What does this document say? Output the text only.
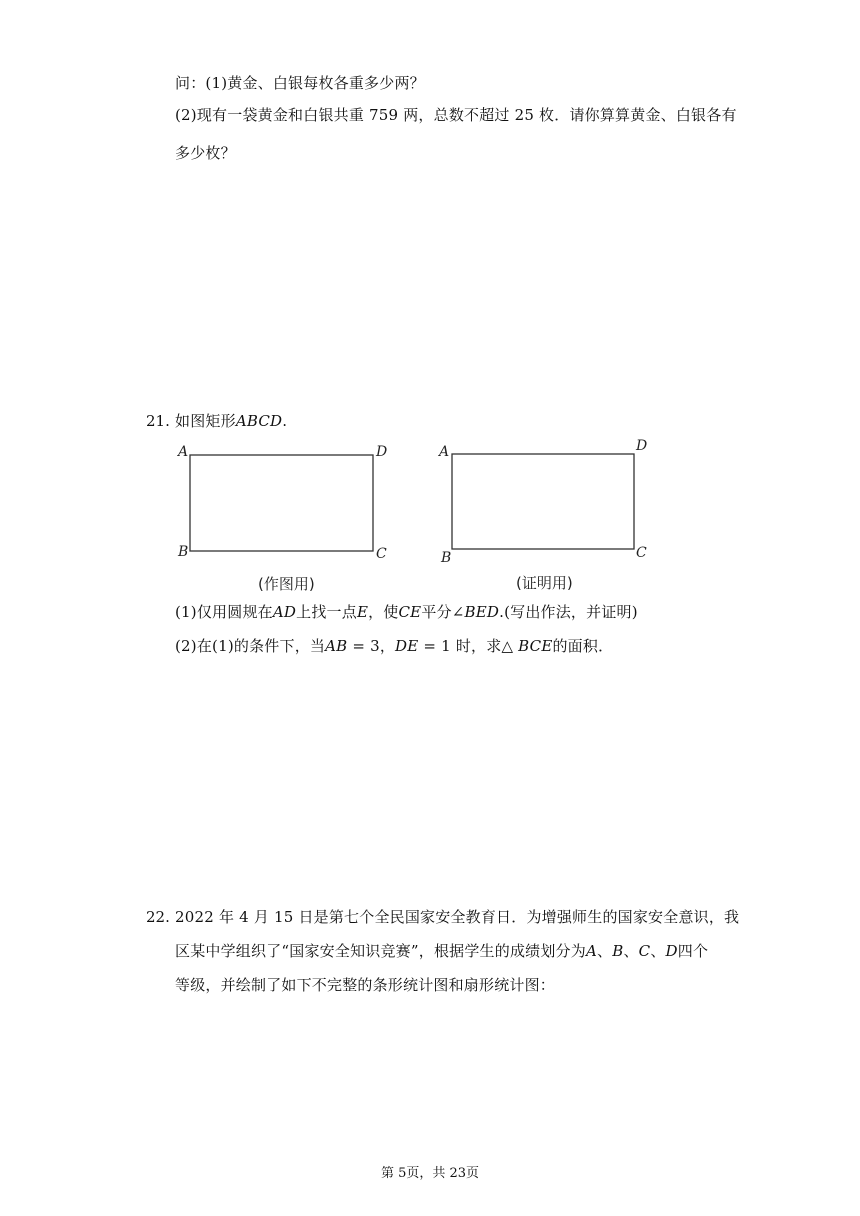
问：(1)黄金、白银每枚各重多少两？
(2)现有一袋黄金和白银共重 759 两，总数不超过 25 枚．请你算算黄金、白银各有
多少枚？
21. 如图矩形ABCD.
A	D
B	C
(作图用)
A	D
B	C
(证明用)
(1)仅用圆规在AD上找一点E，使CE平分∠BED.(写出作法，并证明)
(2)在(1)的条件下，当AB = 3，DE = 1 时，求△ BCE的面积．
22. 2022 年 4 月 15 日是第七个全民国家安全教育日．为增强师生的国家安全意识，我
区某中学组织了“国家安全知识竞赛”，根据学生的成绩划分为A、B、C、D四个
等级，并绘制了如下不完整的条形统计图和扇形统计图：
第 5页，共 23页
